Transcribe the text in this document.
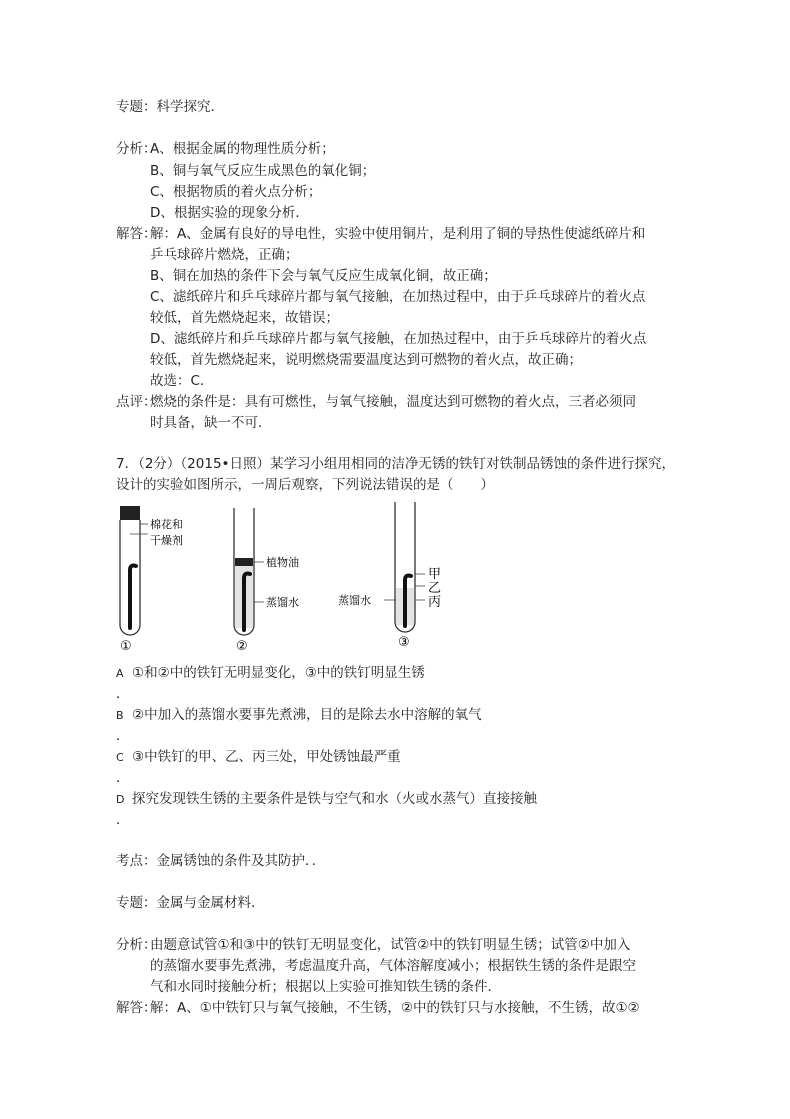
专题：科学探究．
分析：
A、根据金属的物理性质分析；
B、铜与氧气反应生成黑色的氧化铜；
C、根据物质的着火点分析；
D、根据实验的现象分析．
解答：
解：A、金属有良好的导电性，实验中使用铜片，是利用了铜的导热性使滤纸碎片和
乒乓球碎片燃烧，正确；
B、铜在加热的条件下会与氧气反应生成氧化铜，故正确；
C、滤纸碎片和乒乓球碎片都与氧气接触，在加热过程中，由于乒乓球碎片的着火点
较低，首先燃烧起来，故错误；
D、滤纸碎片和乒乓球碎片都与氧气接触，在加热过程中，由于乒乓球碎片的着火点
较低，首先燃烧起来，说明燃烧需要温度达到可燃物的着火点，故正确；
故选：C．
点评：
燃烧的条件是：具有可燃性，与氧气接触，温度达到可燃物的着火点，三者必须同
时具备，缺一不可．
7．（2分）（2015•日照）某学习小组用相同的洁净无锈的铁钉对铁制品锈蚀的条件进行探究，
设计的实验如图所示，一周后观察，下列说法错误的是（　　）
棉花和
干燥剂
①
植物油
蒸馏水
②
甲
乙
丙
蒸馏水
③
A ①和②中的铁钉无明显变化，③中的铁钉明显生锈
．
B ②中加入的蒸馏水要事先煮沸，目的是除去水中溶解的氧气
．
C ③中铁钉的甲、乙、丙三处，甲处锈蚀最严重
．
D 探究发现铁生锈的主要条件是铁与空气和水（火或水蒸气）直接接触
．
考点：金属锈蚀的条件及其防护．．
专题：金属与金属材料．
分析：
由题意试管①和③中的铁钉无明显变化，试管②中的铁钉明显生锈；试管②中加入
的蒸馏水要事先煮沸，考虑温度升高，气体溶解度减小；根据铁生锈的条件是跟空
气和水同时接触分析；根据以上实验可推知铁生锈的条件．
解答：
解：A、①中铁钉只与氧气接触，不生锈，②中的铁钉只与水接触，不生锈，故①②
